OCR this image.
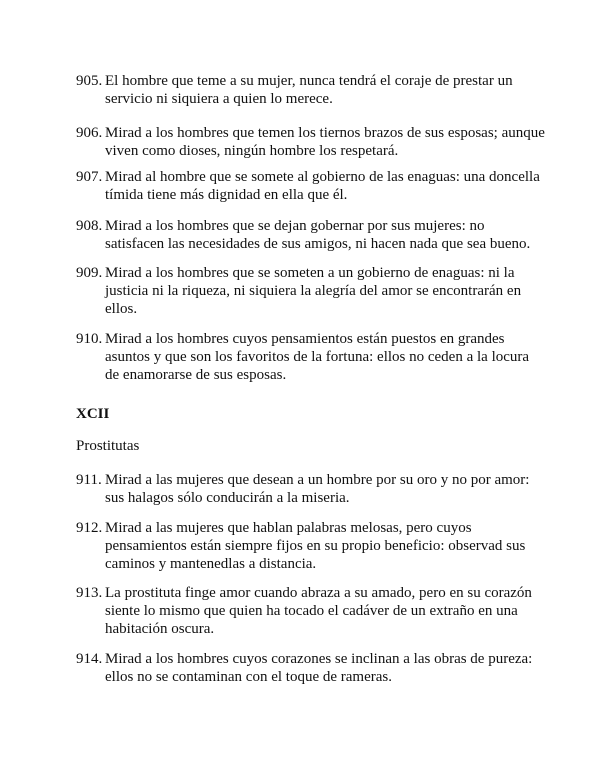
905. El hombre que teme a su mujer, nunca tendrá el coraje de prestar un servicio ni siquiera a quien lo merece.
906. Mirad a los hombres que temen los tiernos brazos de sus esposas; aunque viven como dioses, ningún hombre los respetará.
907. Mirad al hombre que se somete al gobierno de las enaguas: una doncella tímida tiene más dignidad en ella que él.
908. Mirad a los hombres que se dejan gobernar por sus mujeres: no satisfacen las necesidades de sus amigos, ni hacen nada que sea bueno.
909. Mirad a los hombres que se someten a un gobierno de enaguas: ni la justicia ni la riqueza, ni siquiera la alegría del amor se encontrarán en ellos.
910. Mirad a los hombres cuyos pensamientos están puestos en grandes asuntos y que son los favoritos de la fortuna: ellos no ceden a la locura de enamorarse de sus esposas.
XCII
Prostitutas
911. Mirad a las mujeres que desean a un hombre por su oro y no por amor: sus halagos sólo conducirán a la miseria.
912. Mirad a las mujeres que hablan palabras melosas, pero cuyos pensamientos están siempre fijos en su propio beneficio: observad sus caminos y mantenedlas a distancia.
913. La prostituta finge amor cuando abraza a su amado, pero en su corazón siente lo mismo que quien ha tocado el cadáver de un extraño en una habitación oscura.
914. Mirad a los hombres cuyos corazones se inclinan a las obras de pureza: ellos no se contaminan con el toque de rameras.
